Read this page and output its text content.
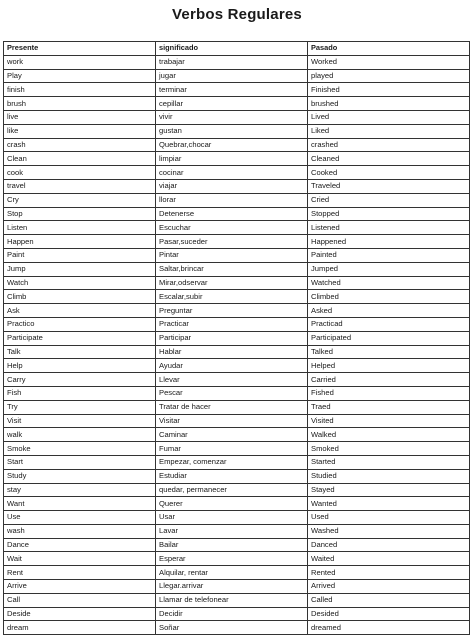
Verbos Regulares
Presente	significado	Pasado
work	trabajar	Worked
Play	jugar	played
finish	terminar	Finished
brush	cepillar	brushed
live	vivir	Lived
like	gustan	Liked
crash	Quebrar,chocar	crashed
Clean	limpiar	Cleaned
cook	cocinar	Cooked
travel	viajar	Traveled
Cry	llorar	Cried
Stop	Detenerse	Stopped
Listen	Escuchar	Listened
Happen	Pasar,suceder	Happened
Paint	Pintar	Painted
Jump	Saltar,brincar	Jumped
Watch	Mirar,odservar	Watched
Climb	Escalar,subir	Climbed
Ask	Preguntar	Asked
Practico	Practicar	Practicad
Participate	Participar	Participated
Talk	Hablar	Talked
Help	Ayudar	Helped
Carry	Llevar	Carried
Fish	Pescar	Fished
Try	Tratar de hacer	Traed
Visit	Visitar	Visited
walk	Caminar	Walked
Smoke	Fumar	Smoked
Start	Empezar, comenzar	Started
Study	Estudiar	Studied
stay	quedar, permanecer	Stayed
Want	Querer	Wanted
Use	Usar	Used
wash	Lavar	Washed
Dance	Bailar	Danced
Wait	Esperar	Waited
Rent	Alquilar, rentar	Rented
Arrive	Llegar.arrivar	Arrived
Call	Llamar de telefonear	Called
Deside	Decidir	Desided
dream	Soñar	dreamed
